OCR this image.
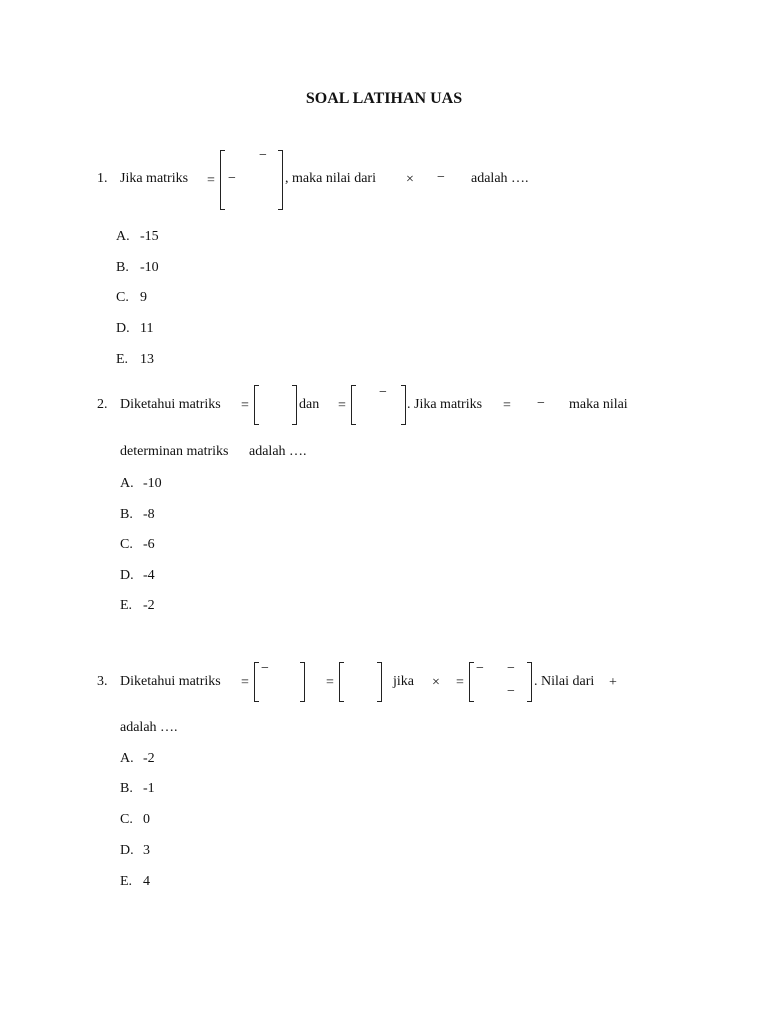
SOAL LATIHAN UAS
1. Jika matriks =
−
−	, maka nilai dari × − adalah ….
A. -15
B. -10
C. 9
D. 11
E. 13
2. Diketahui matriks =	dan =
−
. Jika matriks = − maka nilai
determinan matriks adalah ….
A. -10
B. -8
C. -6
D. -4
E. -2
3. Diketahui matriks =
−
=	jika × =
− −
−
. Nilai dari +
adalah ….
A. -2
B. -1
C. 0
D. 3
E. 4
